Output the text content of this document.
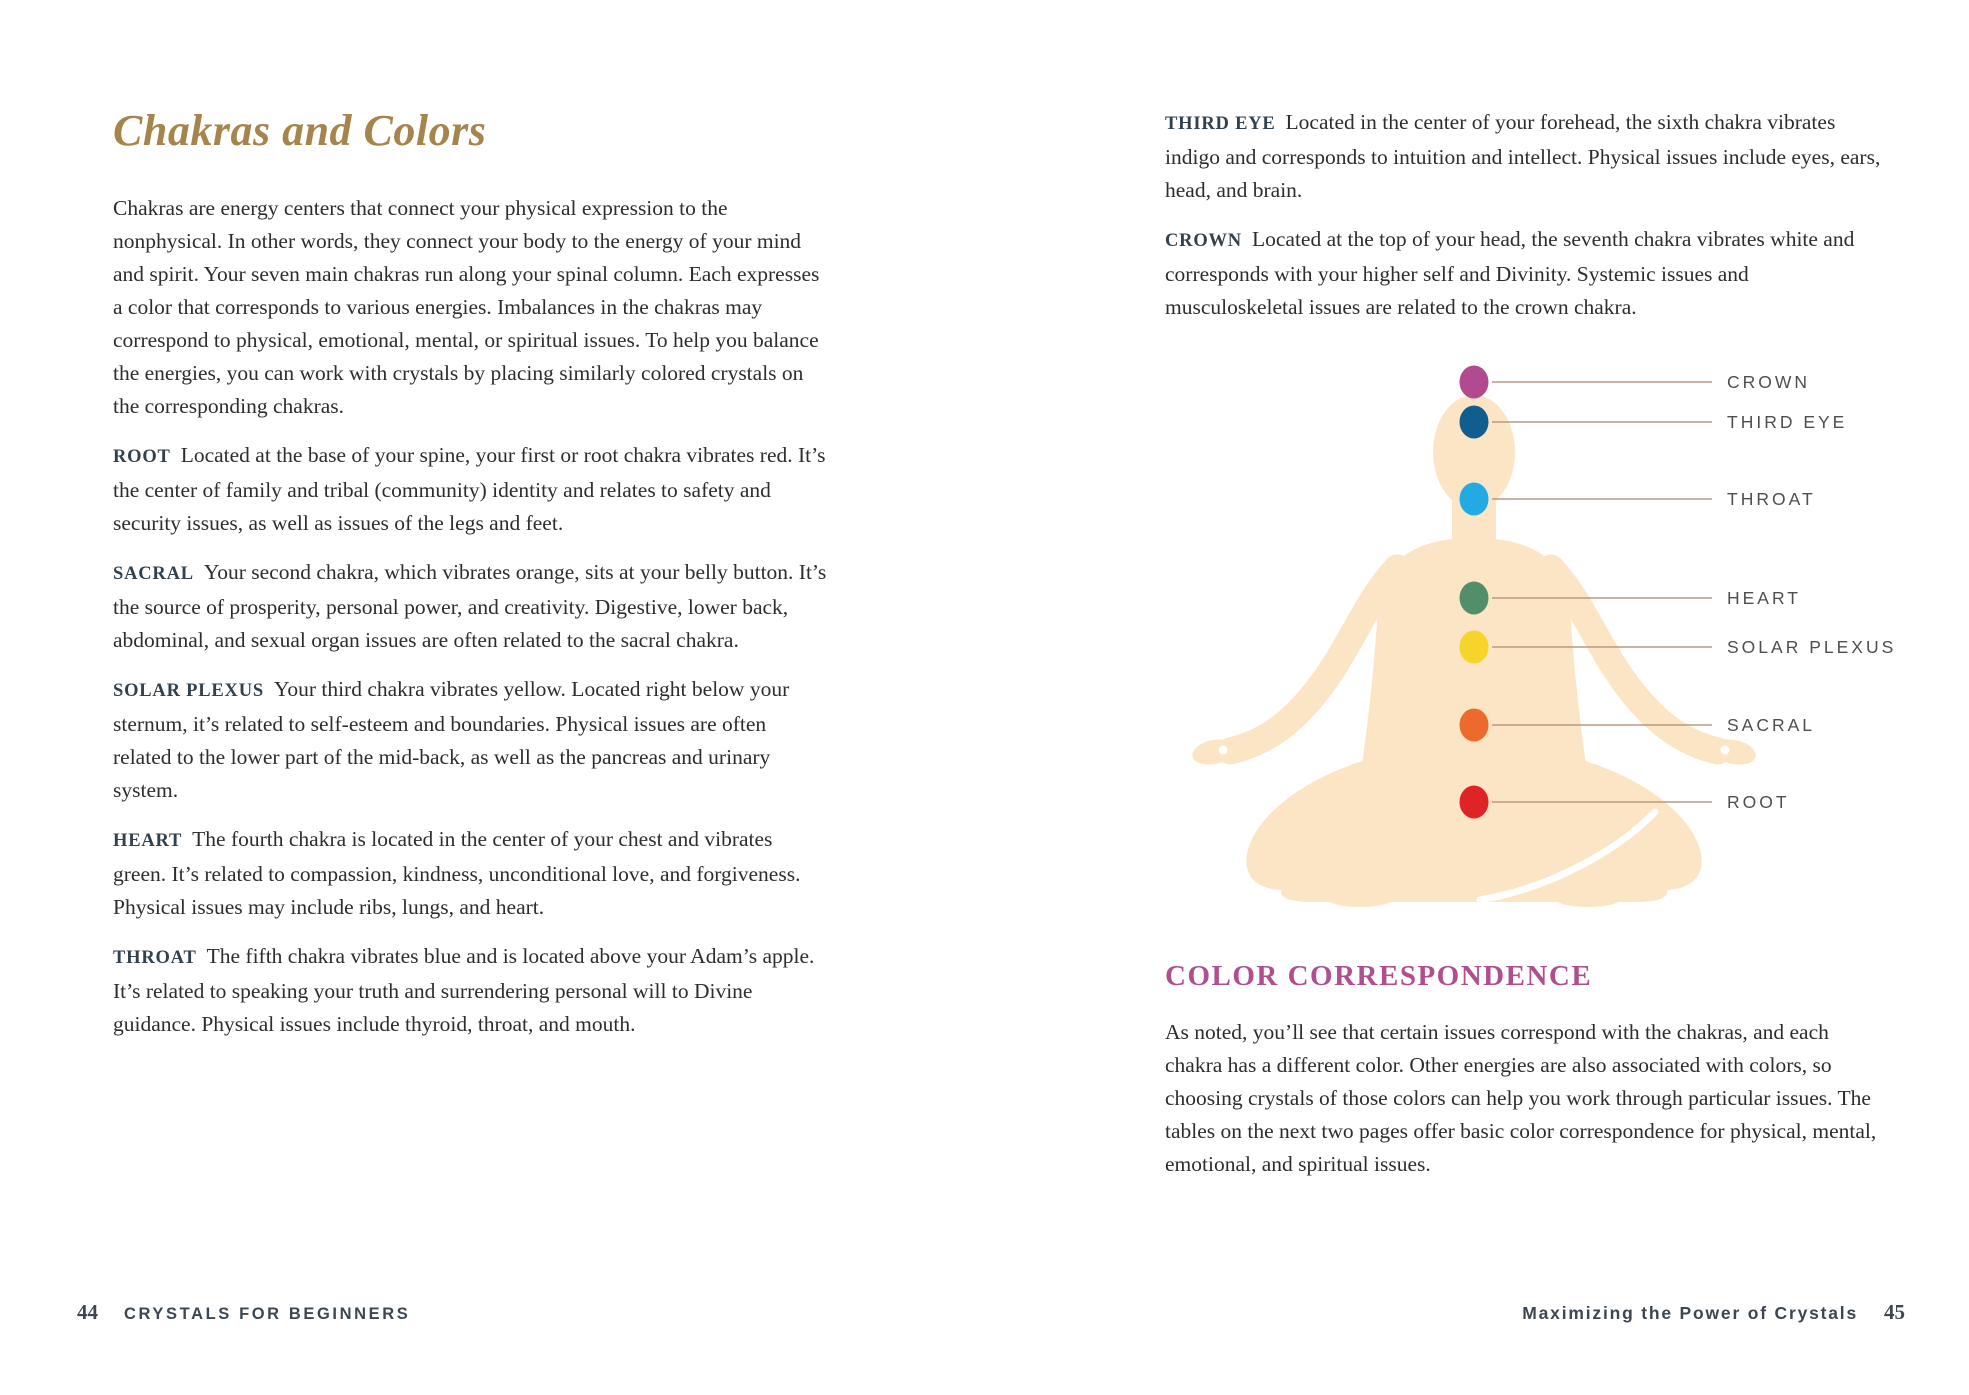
Chakras and Colors

Chakras are energy centers that connect your physical expression to the nonphysical. In other words, they connect your body to the energy of your mind and spirit. Your seven main chakras run along your spinal column. Each expresses a color that corresponds to various energies. Imbalances in the chakras may correspond to physical, emotional, mental, or spiritual issues. To help you balance the energies, you can work with crystals by placing similarly colored crystals on the corresponding chakras.

ROOT Located at the base of your spine, your first or root chakra vibrates red. It’s the center of family and tribal (community) identity and relates to safety and security issues, as well as issues of the legs and feet.

SACRAL Your second chakra, which vibrates orange, sits at your belly button. It’s the source of prosperity, personal power, and creativity. Digestive, lower back, abdominal, and sexual organ issues are often related to the sacral chakra.

SOLAR PLEXUS Your third chakra vibrates yellow. Located right below your sternum, it’s related to self-esteem and boundaries. Physical issues are often related to the lower part of the mid-back, as well as the pancreas and urinary system.

HEART The fourth chakra is located in the center of your chest and vibrates green. It’s related to compassion, kindness, unconditional love, and forgiveness. Physical issues may include ribs, lungs, and heart.

THROAT The fifth chakra vibrates blue and is located above your Adam’s apple. It’s related to speaking your truth and surrendering personal will to Divine guidance. Physical issues include thyroid, throat, and mouth.

THIRD EYE Located in the center of your forehead, the sixth chakra vibrates indigo and corresponds to intuition and intellect. Physical issues include eyes, ears, head, and brain.

CROWN Located at the top of your head, the seventh chakra vibrates white and corresponds with your higher self and Divinity. Systemic issues and musculoskeletal issues are related to the crown chakra.

CROWN
THIRD EYE
THROAT
HEART
SOLAR PLEXUS
SACRAL
ROOT
COLOR CORRESPONDENCE

As noted, you’ll see that certain issues correspond with the chakras, and each chakra has a different color. Other energies are also associated with colors, so choosing crystals of those colors can help you work through particular issues. The tables on the next two pages offer basic color correspondence for physical, mental, emotional, and spiritual issues.

44 CRYSTALS FOR BEGINNERS	Maximizing the Power of Crystals 45
